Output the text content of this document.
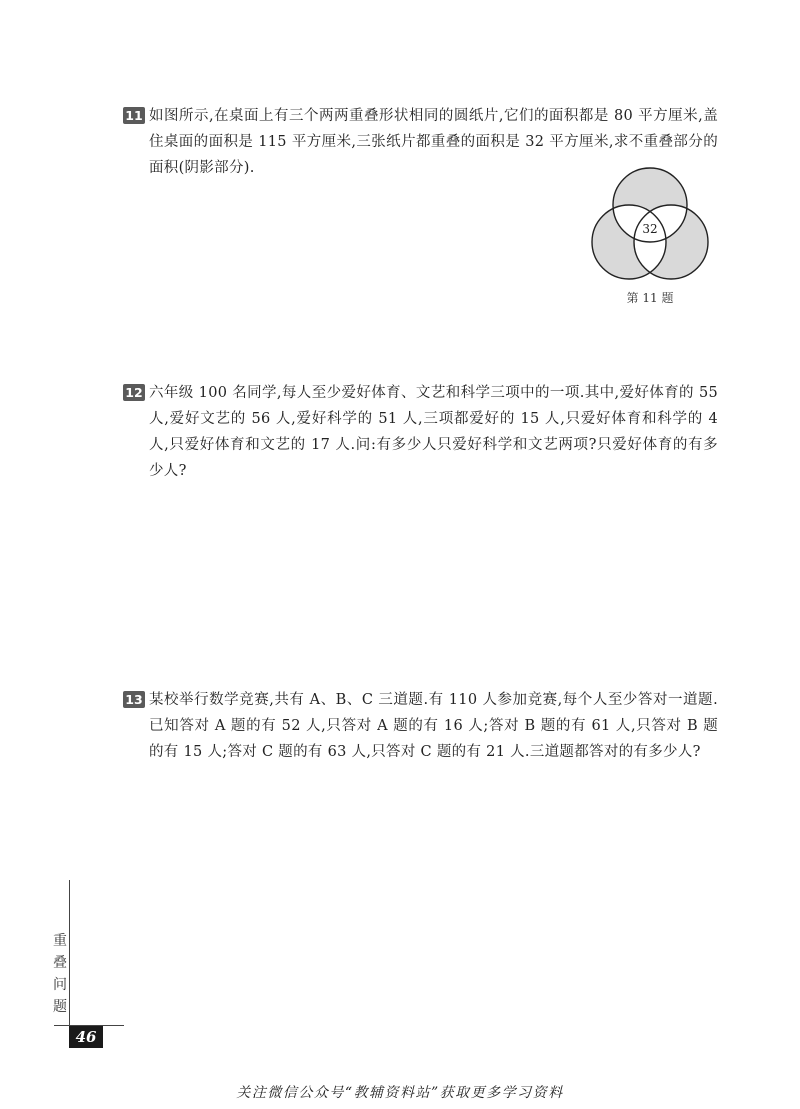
11 如图所示,在桌面上有三个两两重叠形状相同的圆纸片,它们的面积都是 80 平方厘米,盖住桌面的面积是 115 平方厘米,三张纸片都重叠的面积是 32 平方厘米,求不重叠部分的面积(阴影部分).
32
第 11 题
12 六年级 100 名同学,每人至少爱好体育、文艺和科学三项中的一项.其中,爱好体育的 55 人,爱好文艺的 56 人,爱好科学的 51 人,三项都爱好的 15 人,只爱好体育和科学的 4 人,只爱好体育和文艺的 17 人.问:有多少人只爱好科学和文艺两项?只爱好体育的有多少人?
13 某校举行数学竞赛,共有 A、B、C 三道题.有 110 人参加竞赛,每个人至少答对一道题.已知答对 A 题的有 52 人,只答对 A 题的有 16 人;答对 B 题的有 61 人,只答对 B 题的有 15 人;答对 C 题的有 63 人,只答对 C 题的有 21 人.三道题都答对的有多少人?
重叠问题
46
关注微信公众号“教辅资料站”获取更多学习资料
